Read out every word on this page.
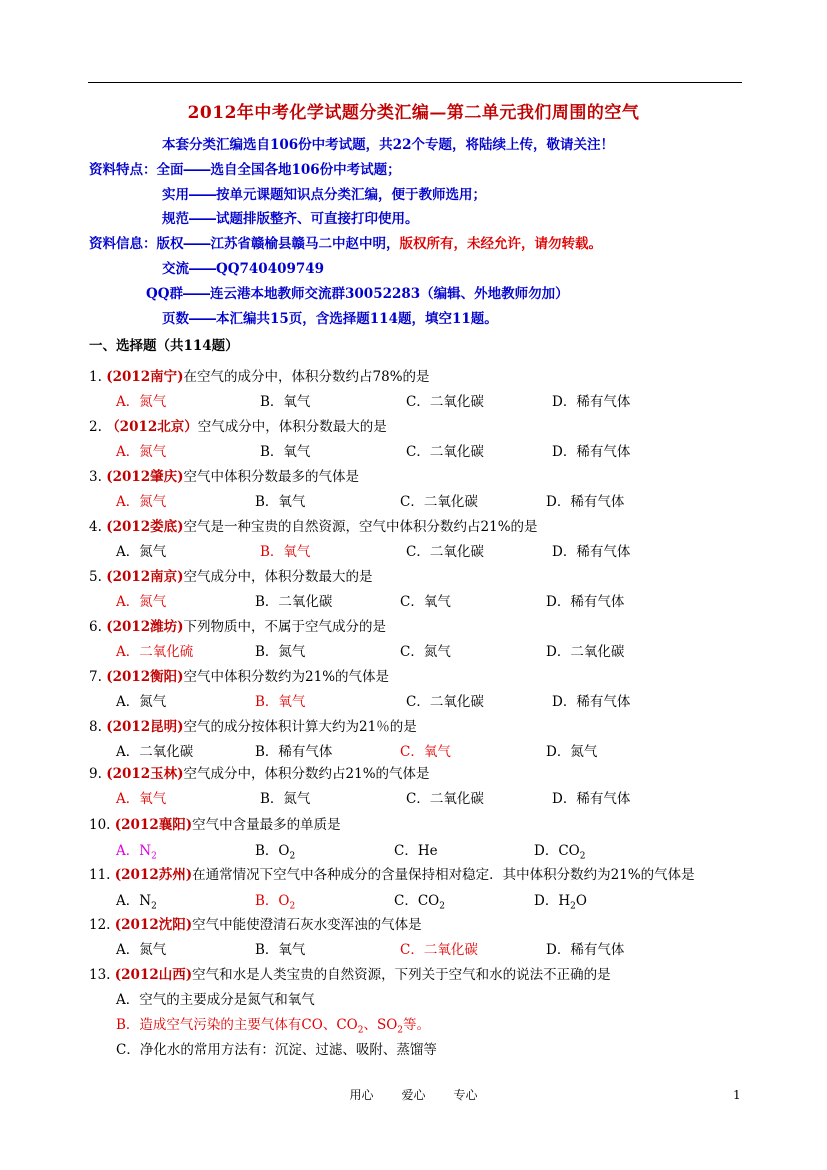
2012年中考化学试题分类汇编—第二单元我们周围的空气
本套分类汇编选自106份中考试题，共22个专题，将陆续上传，敬请关注！
资料特点：全面――选自全国各地106份中考试题；
实用――按单元课题知识点分类汇编，便于教师选用；
规范――试题排版整齐、可直接打印使用。
资料信息：版权――江苏省赣榆县赣马二中赵中明，版权所有，未经允许，请勿转载。
交流――QQ740409749
QQ群――连云港本地教师交流群30052283（编辑、外地教师勿加）
页数――本汇编共15页，含选择题114题，填空11题。
一、选择题（共114题）
1. (2012南宁)在空气的成分中，体积分数约占78%的是
A．氮气	B．氧气	C．二氧化碳	D．稀有气体
2. （2012北京）空气成分中，体积分数最大的是
A．氮气	B．氧气	C．二氧化碳	D．稀有气体
3. (2012肇庆)空气中体积分数最多的气体是
A．氮气	B．氧气	C．二氧化碳	D．稀有气体
4. (2012娄底)空气是一种宝贵的自然资源，空气中体积分数约占21%的是
A．氮气	B．氧气	C．二氧化碳	D．稀有气体
5. (2012南京)空气成分中，体积分数最大的是
A．氮气	B．二氧化碳	C．氧气	D．稀有气体
6. (2012潍坊)下列物质中，不属于空气成分的是
A．二氧化硫	B．氮气	C．氮气	D．二氧化碳
7. (2012衡阳)空气中体积分数约为21%的气体是
A．氮气	B．氧气	C．二氧化碳	D．稀有气体
8. (2012昆明)空气的成分按体积计算大约为21％的是
A．二氧化碳	B．稀有气体	C．氧气	D．氮气
9. (2012玉林)空气成分中，体积分数约占21%的气体是
A．氧气	B．氮气	C．二氧化碳	D．稀有气体
10. (2012襄阳)空气中含量最多的单质是
A．$N_2$	B．$O_2$	C．He	D．$CO_2$
11. (2012苏州)在通常情况下空气中各种成分的含量保持相对稳定．其中体积分数约为21%的气体是
A．$N_2$	B．$O_2$	C．$CO_2$	D．$H_2O$
12. (2012沈阳)空气中能使澄清石灰水变浑浊的气体是
A．氮气	B．氧气	C．二氧化碳	D．稀有气体
13. (2012山西)空气和水是人类宝贵的自然资源，下列关于空气和水的说法不正确的是
A．空气的主要成分是氮气和氧气
B．造成空气污染的主要气体有CO、$CO_2$、$SO_2$等。
C．净化水的常用方法有：沉淀、过滤、吸附、蒸馏等
用心 爱心 专心	1
